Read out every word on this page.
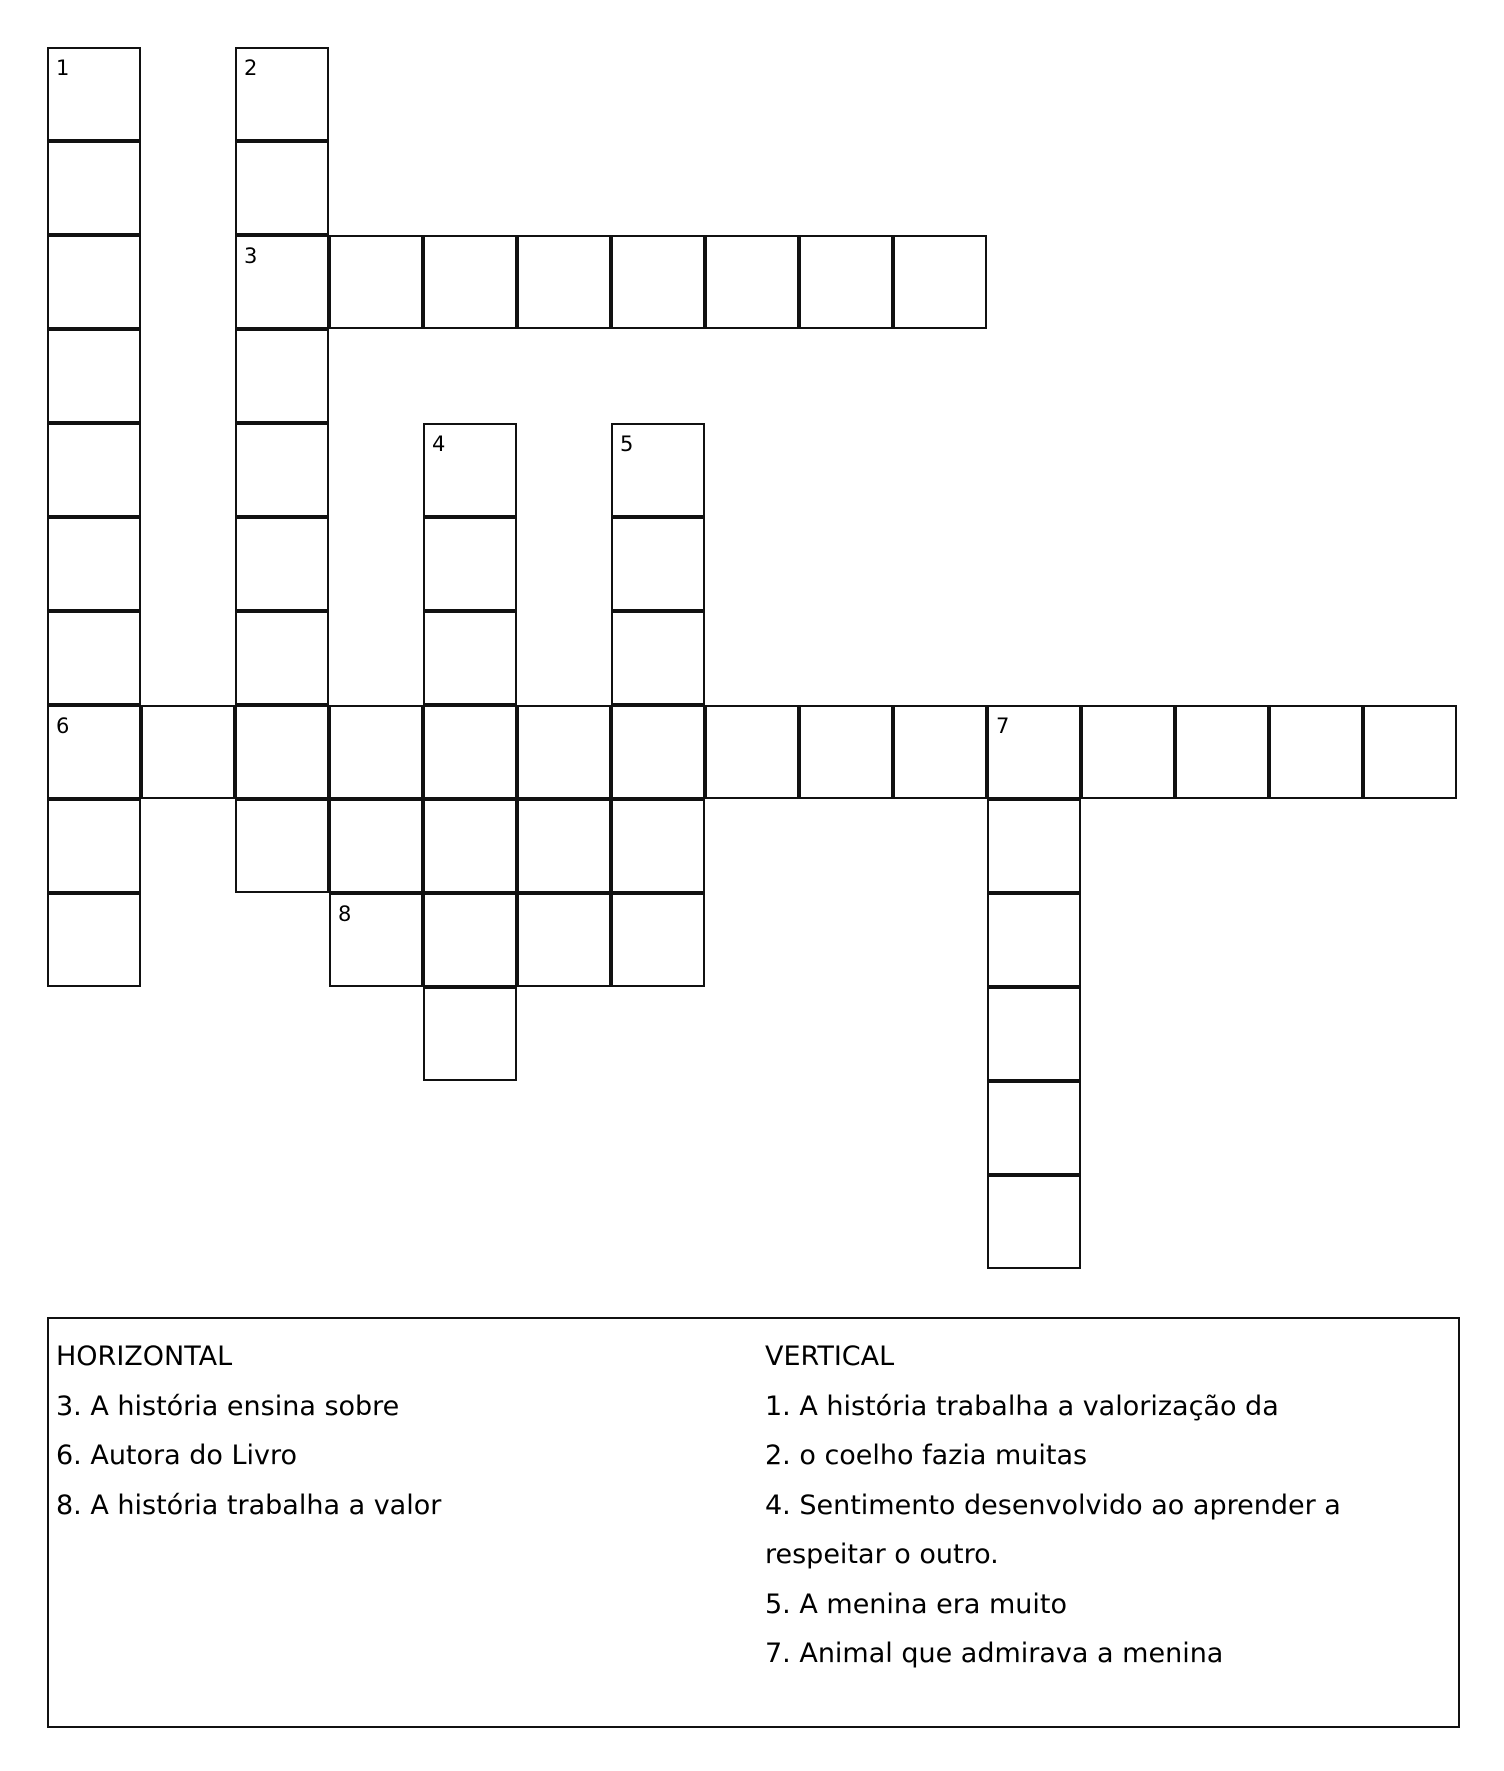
1
6
2
3
4	5
7
8
HORIZONTAL
3. A história ensina sobre
6. Autora do Livro
8. A história trabalha a valor
VERTICAL
1. A história trabalha a valorização da
2. o coelho fazia muitas
4. Sentimento desenvolvido ao aprender a
respeitar o outro.
5. A menina era muito
7. Animal que admirava a menina
